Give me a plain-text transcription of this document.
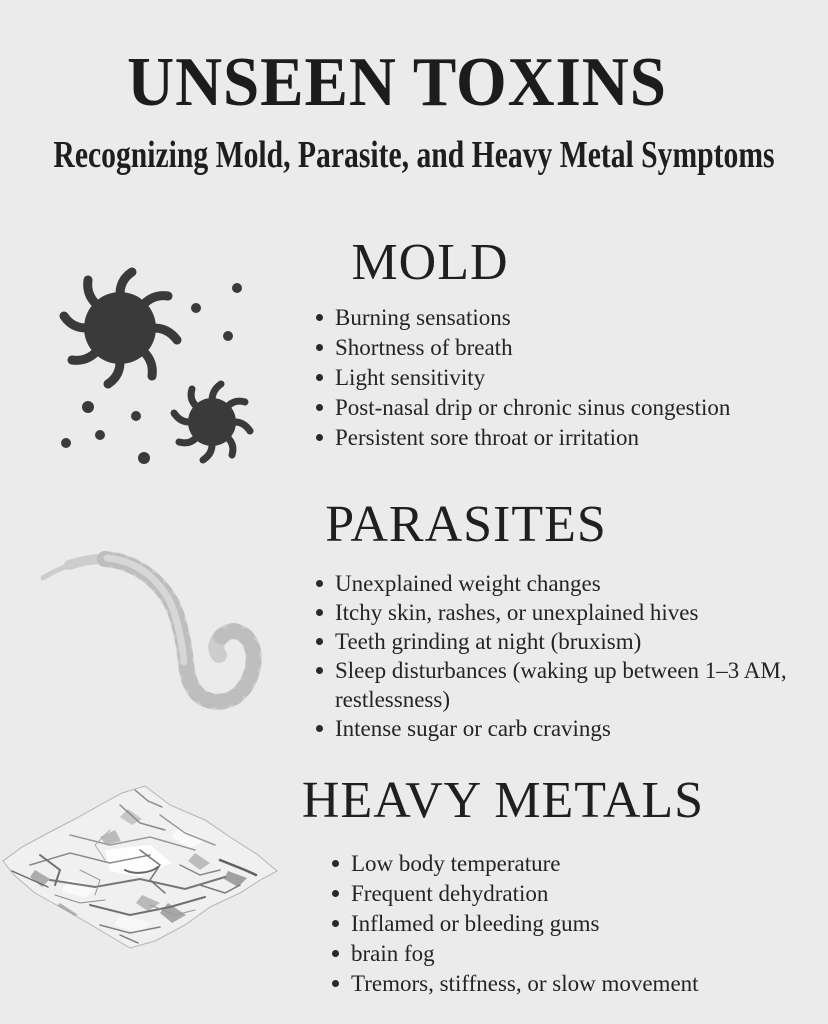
UNSEEN TOXINS
Recognizing Mold, Parasite, and Heavy Metal Symptoms
MOLD
Burning sensations
Shortness of breath
Light sensitivity
Post-nasal drip or chronic sinus congestion
Persistent sore throat or irritation
PARASITES
Unexplained weight changes
Itchy skin, rashes, or unexplained hives
Teeth grinding at night (bruxism)
Sleep disturbances (waking up between 1–3 AM, restlessness)
Intense sugar or carb cravings
HEAVY METALS
Low body temperature
Frequent dehydration
Inflamed or bleeding gums
brain fog
Tremors, stiffness, or slow movement
